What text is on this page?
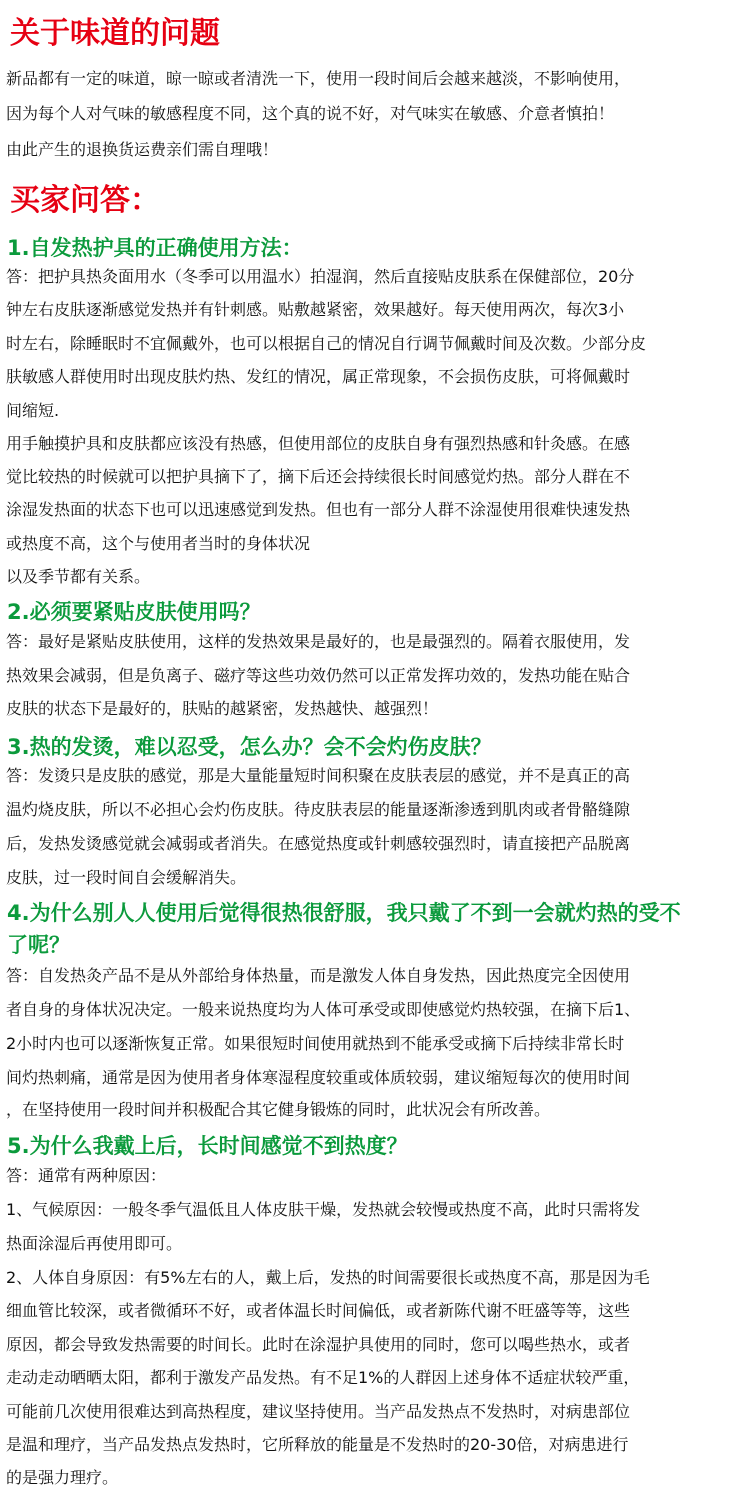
关于味道的问题

新品都有一定的味道，晾一晾或者清洗一下，使用一段时间后会越来越淡，不影响使用，

因为每个人对气味的敏感程度不同，这个真的说不好，对气味实在敏感、介意者慎拍！

由此产生的退换货运费亲们需自理哦！

买家问答：
1.自发热护具的正确使用方法：

答：把护具热灸面用水（冬季可以用温水）拍湿润，然后直接贴皮肤系在保健部位，20分

钟左右皮肤逐渐感觉发热并有针刺感。贴敷越紧密，效果越好。每天使用两次，每次3小

时左右，除睡眠时不宜佩戴外，也可以根据自己的情况自行调节佩戴时间及次数。少部分皮

肤敏感人群使用时出现皮肤灼热、发红的情况，属正常现象，不会损伤皮肤，可将佩戴时

间缩短.

用手触摸护具和皮肤都应该没有热感，但使用部位的皮肤自身有强烈热感和针灸感。在感

觉比较热的时候就可以把护具摘下了，摘下后还会持续很长时间感觉灼热。部分人群在不

涂湿发热面的状态下也可以迅速感觉到发热。但也有一部分人群不涂湿使用很难快速发热

或热度不高，这个与使用者当时的身体状况

以及季节都有关系。

2.必须要紧贴皮肤使用吗？

答：最好是紧贴皮肤使用，这样的发热效果是最好的，也是最强烈的。隔着衣服使用，发

热效果会减弱，但是负离子、磁疗等这些功效仍然可以正常发挥功效的，发热功能在贴合

皮肤的状态下是最好的，肤贴的越紧密，发热越快、越强烈！

3.热的发烫，难以忍受，怎么办？会不会灼伤皮肤？

答：发烫只是皮肤的感觉，那是大量能量短时间积聚在皮肤表层的感觉，并不是真正的高

温灼烧皮肤，所以不必担心会灼伤皮肤。待皮肤表层的能量逐渐渗透到肌肉或者骨骼缝隙

后，发热发烫感觉就会减弱或者消失。在感觉热度或针刺感较强烈时，请直接把产品脱离

皮肤，过一段时间自会缓解消失。

4.为什么别人人使用后觉得很热很舒服，我只戴了不到一会就灼热的受不
了呢？

答：自发热灸产品不是从外部给身体热量，而是激发人体自身发热，因此热度完全因使用

者自身的身体状况决定。一般来说热度均为人体可承受或即使感觉灼热较强，在摘下后1、

2小时内也可以逐渐恢复正常。如果很短时间使用就热到不能承受或摘下后持续非常长时

间灼热刺痛，通常是因为使用者身体寒湿程度较重或体质较弱，建议缩短每次的使用时间

，在坚持使用一段时间并积极配合其它健身锻炼的同时，此状况会有所改善。

5.为什么我戴上后，长时间感觉不到热度？

答：通常有两种原因：

1、气候原因：一般冬季气温低且人体皮肤干燥，发热就会较慢或热度不高，此时只需将发

热面涂湿后再使用即可。

2、人体自身原因：有5%左右的人，戴上后，发热的时间需要很长或热度不高，那是因为毛

细血管比较深，或者微循环不好，或者体温长时间偏低，或者新陈代谢不旺盛等等，这些

原因，都会导致发热需要的时间长。此时在涂湿护具使用的同时，您可以喝些热水，或者

走动走动晒晒太阳，都利于激发产品发热。有不足1%的人群因上述身体不适症状较严重，

可能前几次使用很难达到高热程度，建议坚持使用。当产品发热点不发热时，对病患部位

是温和理疗，当产品发热点发热时，它所释放的能量是不发热时的20-30倍，对病患进行

的是强力理疗。
